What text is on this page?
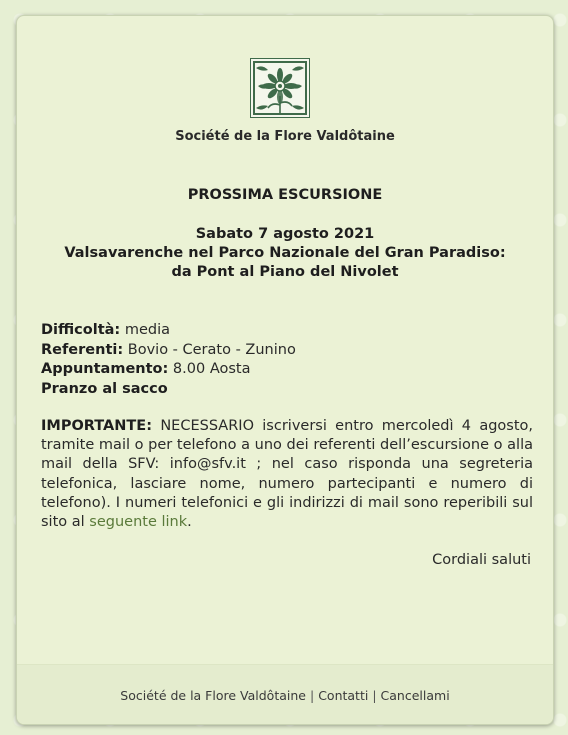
Société de la Flore Valdôtaine
PROSSIMA ESCURSIONE
Sabato 7 agosto 2021
Valsavarenche nel Parco Nazionale del Gran Paradiso:
da Pont al Piano del Nivolet
Difficoltà: media
Referenti: Bovio - Cerato - Zunino
Appuntamento: 8.00 Aosta
Pranzo al sacco
IMPORTANTE: NECESSARIO iscriversi entro mercoledì 4 agosto, tramite mail o per telefono a uno dei referenti dell’escursione o alla mail della SFV: info@sfv.it ; nel caso risponda una segreteria telefonica, lasciare nome, numero partecipanti e numero di telefono). I numeri telefonici e gli indirizzi di mail sono reperibili sul sito al seguente link.
Cordiali saluti
Société de la Flore Valdôtaine | Contatti | Cancellami
